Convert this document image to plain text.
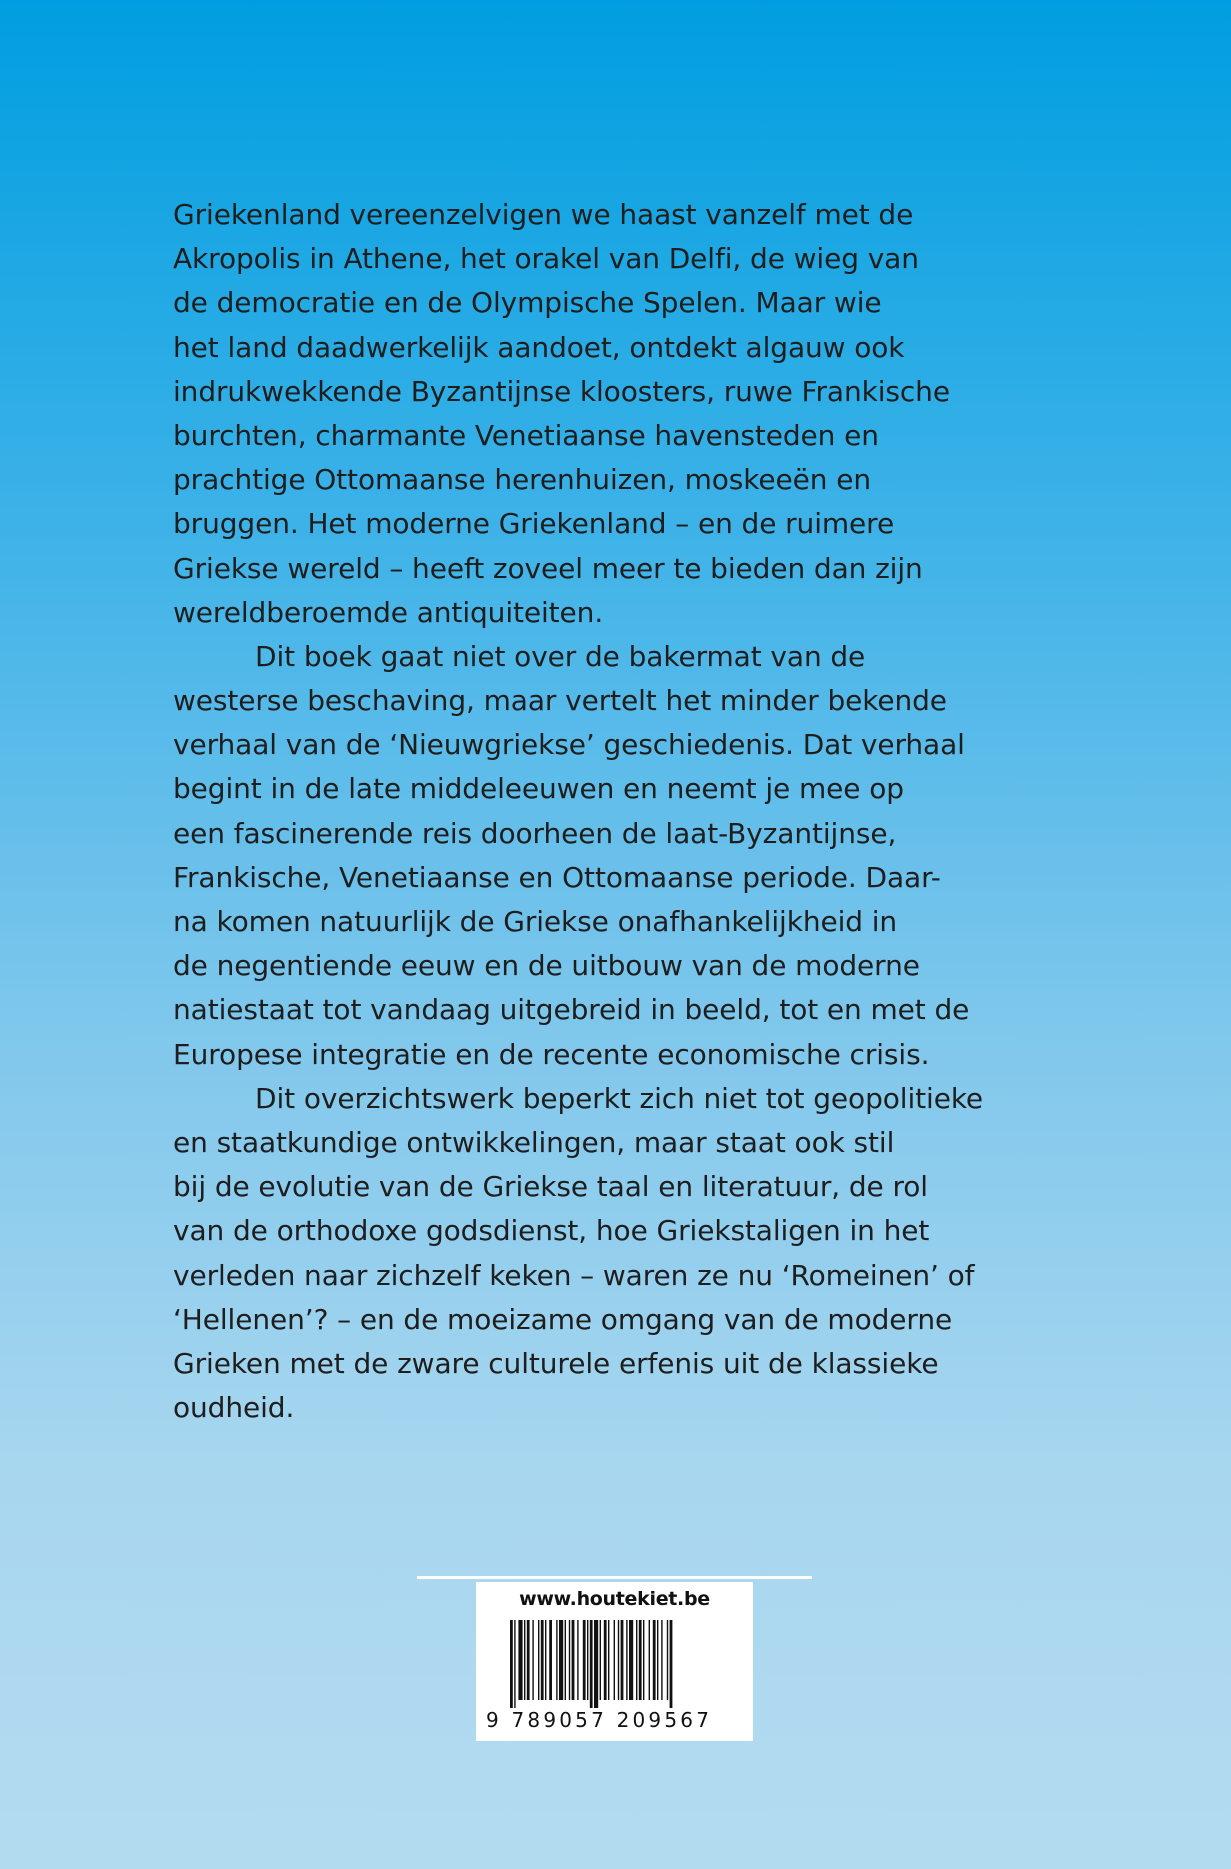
Griekenland vereenzelvigen we haast vanzelf met de
Akropolis in Athene, het orakel van Delfi, de wieg van
de democratie en de Olympische Spelen. Maar wie
het land daadwerkelijk aandoet, ontdekt algauw ook
indrukwekkende Byzantijnse kloosters, ruwe Frankische
burchten, charmante Venetiaanse havensteden en
prachtige Ottomaanse herenhuizen, moskeeën en
bruggen. Het moderne Griekenland – en de ruimere
Griekse wereld – heeft zoveel meer te bieden dan zijn
wereldberoemde antiquiteiten.
Dit boek gaat niet over de bakermat van de
westerse beschaving, maar vertelt het minder bekende
verhaal van de ‘Nieuwgriekse’ geschiedenis. Dat verhaal
begint in de late middeleeuwen en neemt je mee op
een fascinerende reis doorheen de laat-Byzantijnse,
Frankische, Venetiaanse en Ottomaanse periode. Daar-
na komen natuurlijk de Griekse onafhankelijkheid in
de negentiende eeuw en de uitbouw van de moderne
natiestaat tot vandaag uitgebreid in beeld, tot en met de
Europese integratie en de recente economische crisis.
Dit overzichtswerk beperkt zich niet tot geopolitieke
en staatkundige ontwikkelingen, maar staat ook stil
bij de evolutie van de Griekse taal en literatuur, de rol
van de orthodoxe godsdienst, hoe Griekstaligen in het
verleden naar zichzelf keken – waren ze nu ‘Romeinen’ of
‘Hellenen’? – en de moeizame omgang van de moderne
Grieken met de zware culturele erfenis uit de klassieke
oudheid.
www.houtekiet.be
9 789057 209567
